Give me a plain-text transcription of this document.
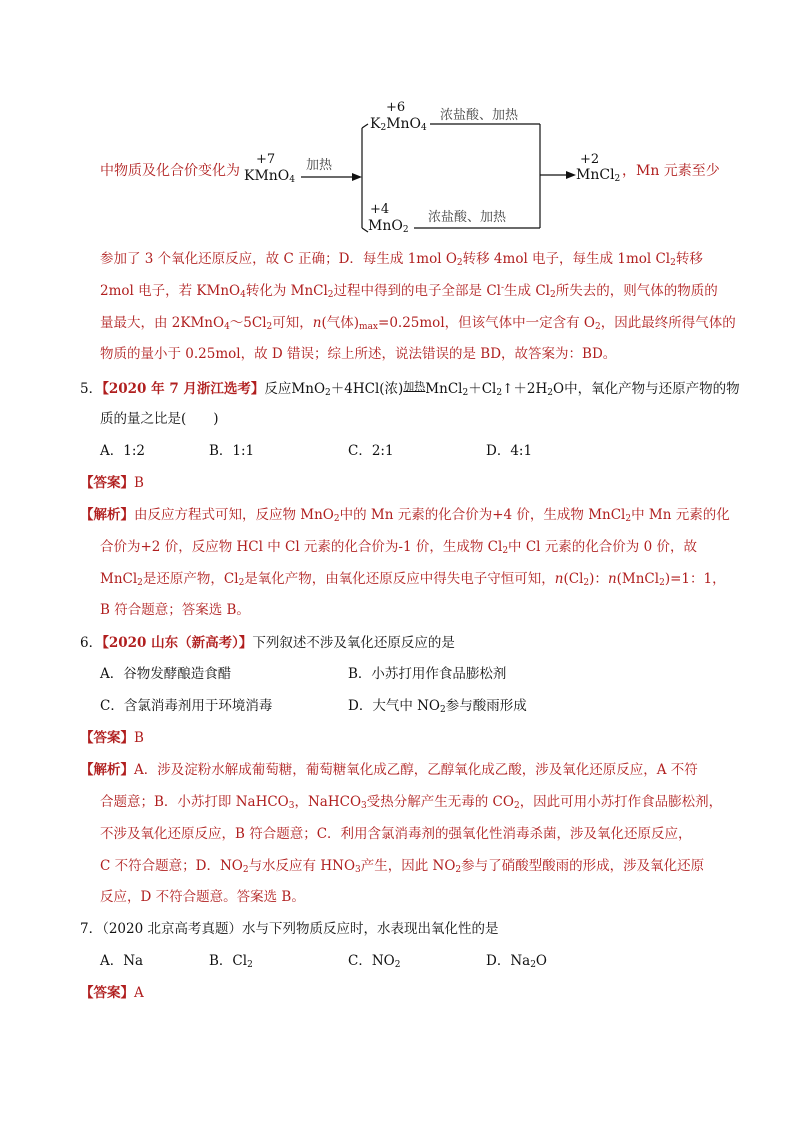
中物质及化合价变化为
+7
KMnO$_4$
加热
+6
$K_2MnO_4$
浓盐酸、加热
+4
MnO$_2$
浓盐酸、加热
+2
MnCl$_2$ ，Mn 元素至少
参加了 3 个氧化还原反应，故 C 正确；D．每生成 1mol $O_2$转移 4mol 电子，每生成 1mol $Cl_2$转移
2mol 电子，若 KMnO$_4$转化为 MnCl$_2$过程中得到的电子全部是 Cl-生成 $Cl_2$所失去的，则气体的物质的
量最大，由 $2KMnO_4\sim 5Cl_2$可知，n(气体)$_{max}=0.25mol$，但该气体中一定含有 $O_2$，因此最终所得气体的
物质的量小于 0.25mol，故 D 错误；综上所述，说法错误的是 BD，故答案为：BD。
5．【2020 年 7 月浙江选考】反应MnO$_2$＋4HCl(浓)加热$MnCl_2+Cl_2↑+2H_2O$中，氧化产物与还原产物的物
质的量之比是(　　)
A．1:2	B．1:1	C．2:1	D．4:1
【答案】B
【解析】由反应方程式可知，反应物 MnO$_2$中的 Mn 元素的化合价为+4 价，生成物 MnCl$_2$中 Mn 元素的化
合价为+2 价，反应物 HCl 中 Cl 元素的化合价为-1 价，生成物 $Cl_2$中 Cl 元素的化合价为 0 价，故
MnCl$_2$是还原产物，$Cl_2$是氧化产物，由氧化还原反应中得失电子守恒可知，$n(Cl_2)$：n(MnCl$_2$)=1：1，
B 符合题意；答案选 B。
6．【2020 山东（新高考）】下列叙述不涉及氧化还原反应的是
A．谷物发酵酿造食醋	B．小苏打用作食品膨松剂
C．含氯消毒剂用于环境消毒	D．大气中 $NO_2$参与酸雨形成
【答案】B
【解析】A．涉及淀粉水解成葡萄糖，葡萄糖氧化成乙醇，乙醇氧化成乙酸，涉及氧化还原反应，A 不符
合题意；B．小苏打即 NaHCO$_3$，NaHCO$_3$受热分解产生无毒的 $CO_2$，因此可用小苏打作食品膨松剂，
不涉及氧化还原反应，B 符合题意；C．利用含氯消毒剂的强氧化性消毒杀菌，涉及氧化还原反应，
C 不符合题意；D．$NO_2$与水反应有 $HNO_3$产生，因此 $NO_2$参与了硝酸型酸雨的形成，涉及氧化还原
反应，D 不符合题意。答案选 B。
7．（2020 北京高考真题）水与下列物质反应时，水表现出氧化性的是
A．Na	B．$Cl_2$	C．$NO_2$	D．$Na_2O$
【答案】A
